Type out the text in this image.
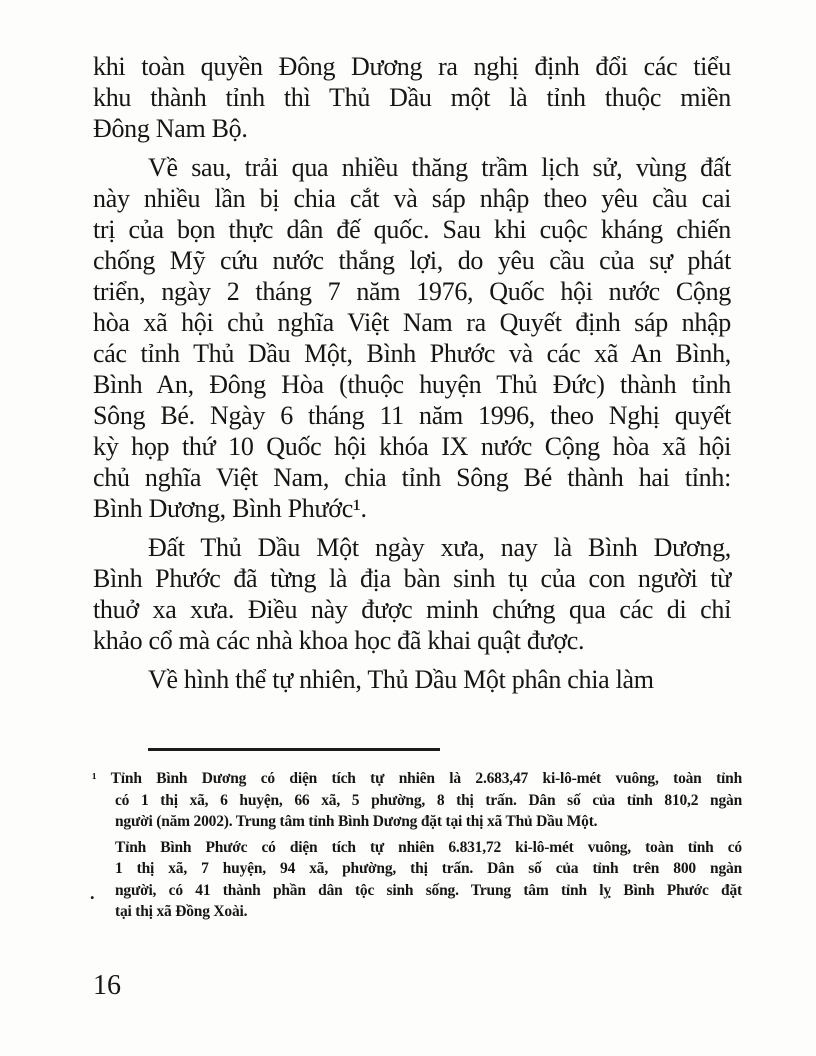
khi toàn quyền Đông Dương ra nghị định đổi các tiểu
khu thành tỉnh thì Thủ Dầu một là tỉnh thuộc miền
Đông Nam Bộ.
Về sau, trải qua nhiều thăng trầm lịch sử, vùng đất
này nhiều lần bị chia cắt và sáp nhập theo yêu cầu cai
trị của bọn thực dân đế quốc. Sau khi cuộc kháng chiến
chống Mỹ cứu nước thắng lợi, do yêu cầu của sự phát
triển, ngày 2 tháng 7 năm 1976, Quốc hội nước Cộng
hòa xã hội chủ nghĩa Việt Nam ra Quyết định sáp nhập
các tỉnh Thủ Dầu Một, Bình Phước và các xã An Bình,
Bình An, Đông Hòa (thuộc huyện Thủ Đức) thành tỉnh
Sông Bé. Ngày 6 tháng 11 năm 1996, theo Nghị quyết
kỳ họp thứ 10 Quốc hội khóa IX nước Cộng hòa xã hội
chủ nghĩa Việt Nam, chia tỉnh Sông Bé thành hai tỉnh:
Bình Dương, Bình Phước¹.
Đất Thủ Dầu Một ngày xưa, nay là Bình Dương,
Bình Phước đã từng là địa bàn sinh tụ của con người từ
thuở xa xưa. Điều này được minh chứng qua các di chỉ
khảo cổ mà các nhà khoa học đã khai quật được.
Về hình thể tự nhiên, Thủ Dầu Một phân chia làm
¹ Tỉnh Bình Dương có diện tích tự nhiên là 2.683,47 ki-lô-mét vuông, toàn tỉnh
có 1 thị xã, 6 huyện, 66 xã, 5 phường, 8 thị trấn. Dân số của tỉnh 810,2 ngàn
người (năm 2002). Trung tâm tỉnh Bình Dương đặt tại thị xã Thủ Dầu Một.
Tỉnh Bình Phước có diện tích tự nhiên 6.831,72 ki-lô-mét vuông, toàn tỉnh có
1 thị xã, 7 huyện, 94 xã, phường, thị trấn. Dân số của tỉnh trên 800 ngàn
người, có 41 thành phần dân tộc sinh sống. Trung tâm tỉnh lỵ Bình Phước đặt
tại thị xã Đồng Xoài.
.
16
